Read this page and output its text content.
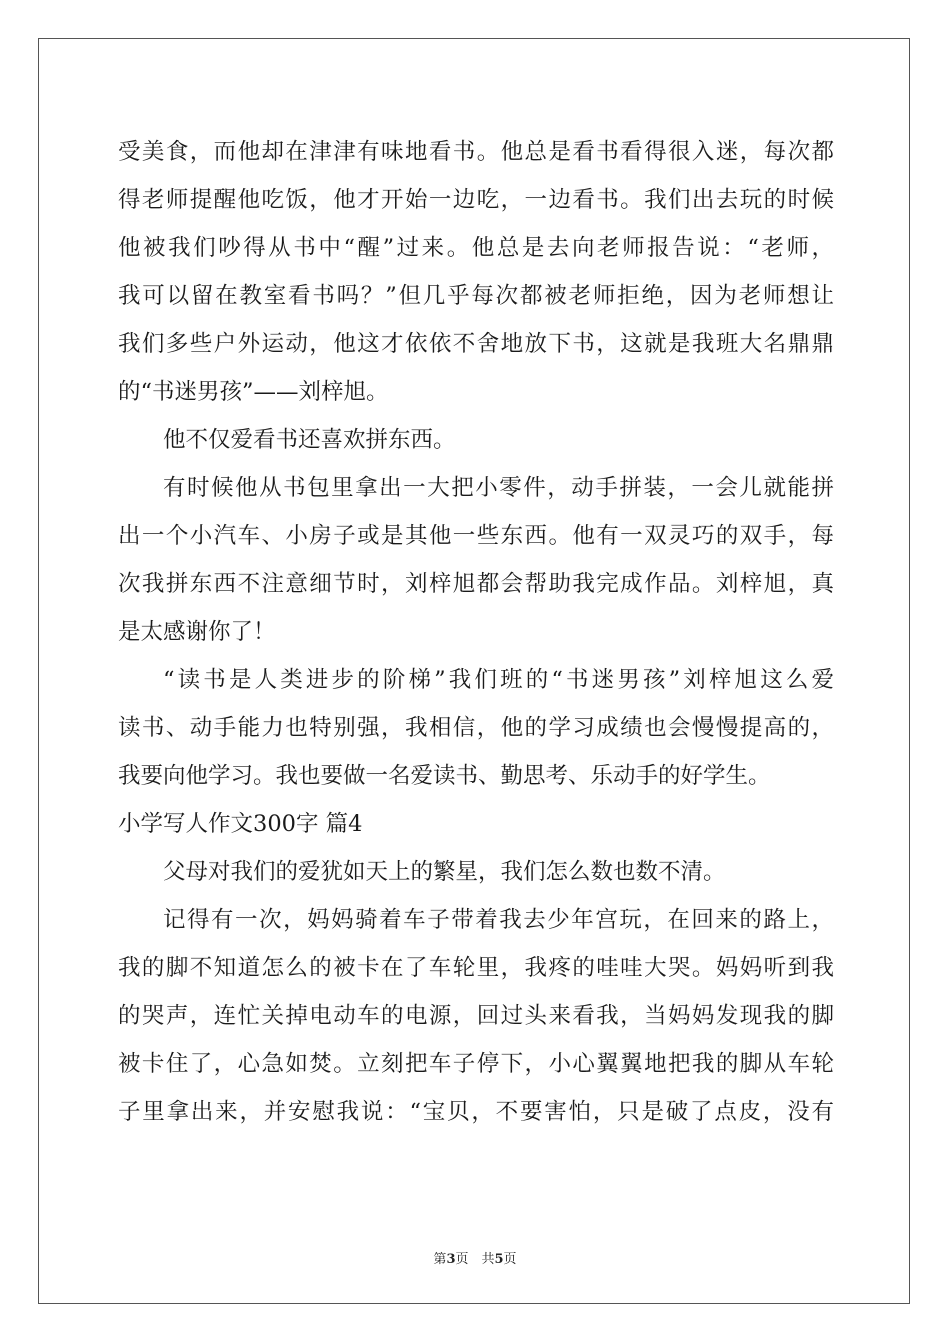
受美食，而他却在津津有味地看书。他总是看书看得很入迷，每次都
得老师提醒他吃饭，他才开始一边吃，一边看书。我们出去玩的时候
他被我们吵得从书中“醒”过来。他总是去向老师报告说：“老师，
我可以留在教室看书吗？”但几乎每次都被老师拒绝，因为老师想让
我们多些户外运动，他这才依依不舍地放下书，这就是我班大名鼎鼎
的“书迷男孩”——刘梓旭。
他不仅爱看书还喜欢拼东西。
有时候他从书包里拿出一大把小零件，动手拼装，一会儿就能拼
出一个小汽车、小房子或是其他一些东西。他有一双灵巧的双手，每
次我拼东西不注意细节时，刘梓旭都会帮助我完成作品。刘梓旭，真
是太感谢你了！
“读书是人类进步的阶梯”我们班的“书迷男孩”刘梓旭这么爱
读书、动手能力也特别强，我相信，他的学习成绩也会慢慢提高的，
我要向他学习。我也要做一名爱读书、勤思考、乐动手的好学生。
小学写人作文300字 篇4
父母对我们的爱犹如天上的繁星，我们怎么数也数不清。
记得有一次，妈妈骑着车子带着我去少年宫玩，在回来的路上，
我的脚不知道怎么的被卡在了车轮里，我疼的哇哇大哭。妈妈听到我
的哭声，连忙关掉电动车的电源，回过头来看我，当妈妈发现我的脚
被卡住了，心急如焚。立刻把车子停下，小心翼翼地把我的脚从车轮
子里拿出来，并安慰我说：“宝贝，不要害怕，只是破了点皮，没有
第3页　共5页
